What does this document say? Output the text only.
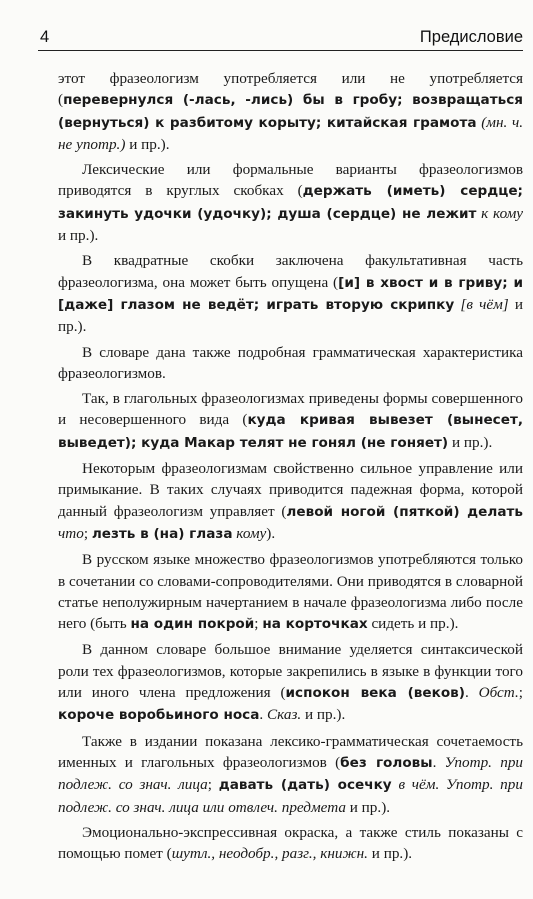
4	Предисловие

этот фразеологизм употребляется или не употребляется (перевернулся (-лась, -лись) бы в гробу; возвращаться (вернуться) к разбитому корыту; китайская грамота (мн. ч. не употр.) и пр.).

Лексические или формальные варианты фразеологизмов приводятся в круглых скобках (держать (иметь) сердце; закинуть удочки (удочку); душа (сердце) не лежит к кому и пр.).

В квадратные скобки заключена факультативная часть фразеологизма, она может быть опущена ([и] в хвост и в гриву; и [даже] глазом не ведёт; играть вторую скрипку [в чём] и пр.).

В словаре дана также подробная грамматическая характеристика фразеологизмов.

Так, в глагольных фразеологизмах приведены формы совершенного и несовершенного вида (куда кривая вывезет (вынесет, выведет); куда Макар телят не гонял (не гоняет) и пр.).

Некоторым фразеологизмам свойственно сильное управление или примыкание. В таких случаях приводится падежная форма, которой данный фразеологизм управляет (левой ногой (пяткой) делать что; лезть в (на) глаза кому).

В русском языке множество фразеологизмов употребляются только в сочетании со словами-сопроводителями. Они приводятся в словарной статье неполужирным начертанием в начале фразеологизма либо после него (быть на один покрой; на корточках сидеть и пр.).

В данном словаре большое внимание уделяется синтаксической роли тех фразеологизмов, которые закрепились в языке в функции того или иного члена предложения (испокон века (веков). Обст.; короче воробьиного носа. Сказ. и пр.).

Также в издании показана лексико-грамматическая сочетаемость именных и глагольных фразеологизмов (без головы. Употр. при подлеж. со знач. лица; давать (дать) осечку в чём. Употр. при подлеж. со знач. лица или отвлеч. предмета и пр.).

Эмоционально-экспрессивная окраска, а также стиль показаны с помощью помет (шутл., неодобр., разг., книжн. и пр.).
